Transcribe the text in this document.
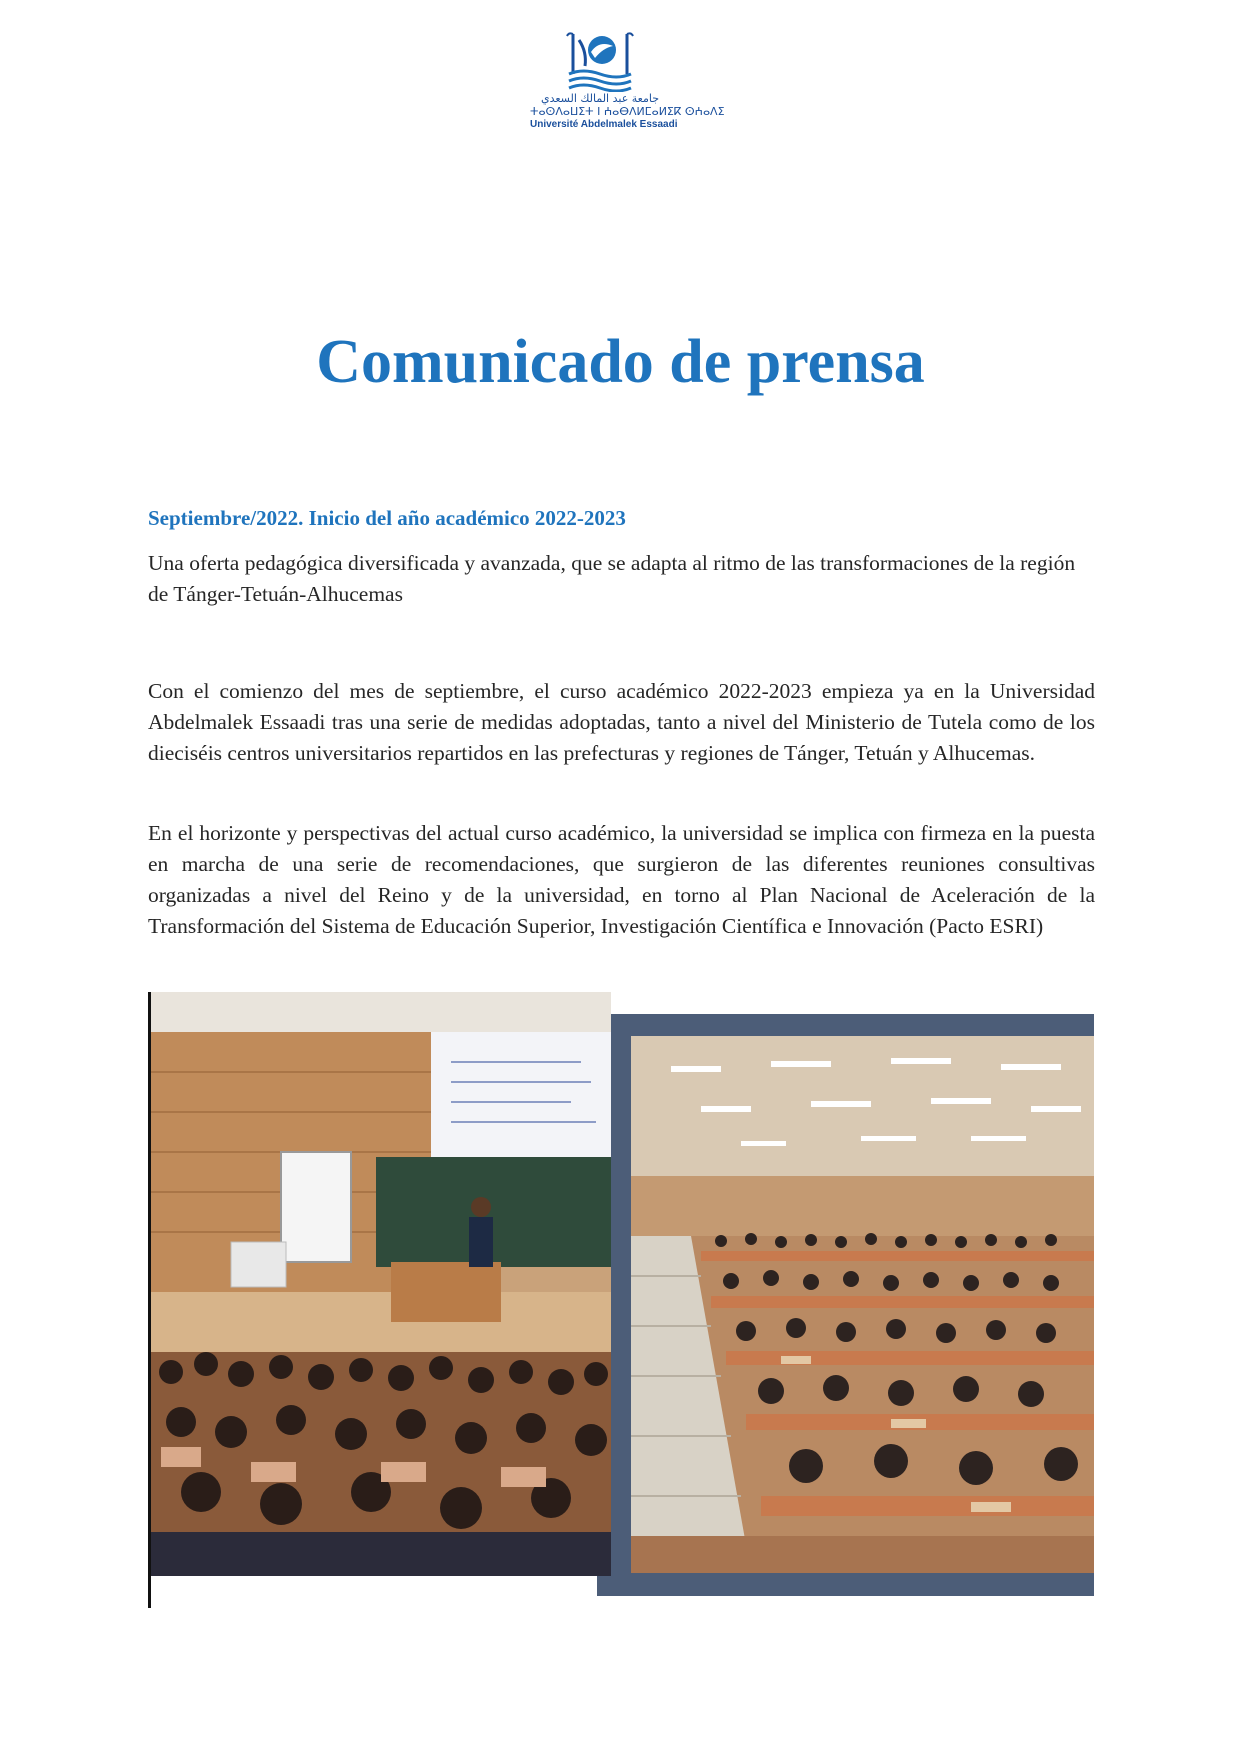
جامعة عبد المالك السعدي
ⵜⴰⵙⴷⴰⵡⵉⵜ ⵏ ⵄⴰⴱⴷⵍⵎⴰⵍⵉⴽ ⵙⵄⴰⴷⵉ
Université Abdelmalek Essaadi
Comunicado de prensa
Septiembre/2022. Inicio del año académico 2022-2023

Una oferta pedagógica diversificada y avanzada, que se adapta al ritmo de las transformaciones de la región de Tánger-Tetuán-Alhucemas

Con el comienzo del mes de septiembre, el curso académico 2022-2023 empieza ya en la Universidad Abdelmalek Essaadi tras una serie de medidas adoptadas, tanto a nivel del Ministerio de Tutela como de los dieciséis centros universitarios repartidos en las prefecturas y regiones de Tánger, Tetuán y Alhucemas.

En el horizonte y perspectivas del actual curso académico, la universidad se implica con firmeza en la puesta en marcha de una serie de recomendaciones, que surgieron de las diferentes reuniones consultivas organizadas a nivel del Reino y de la universidad, en torno al Plan Nacional de Aceleración de la Transformación del Sistema de Educación Superior, Investigación Científica e Innovación (Pacto ESRI)
